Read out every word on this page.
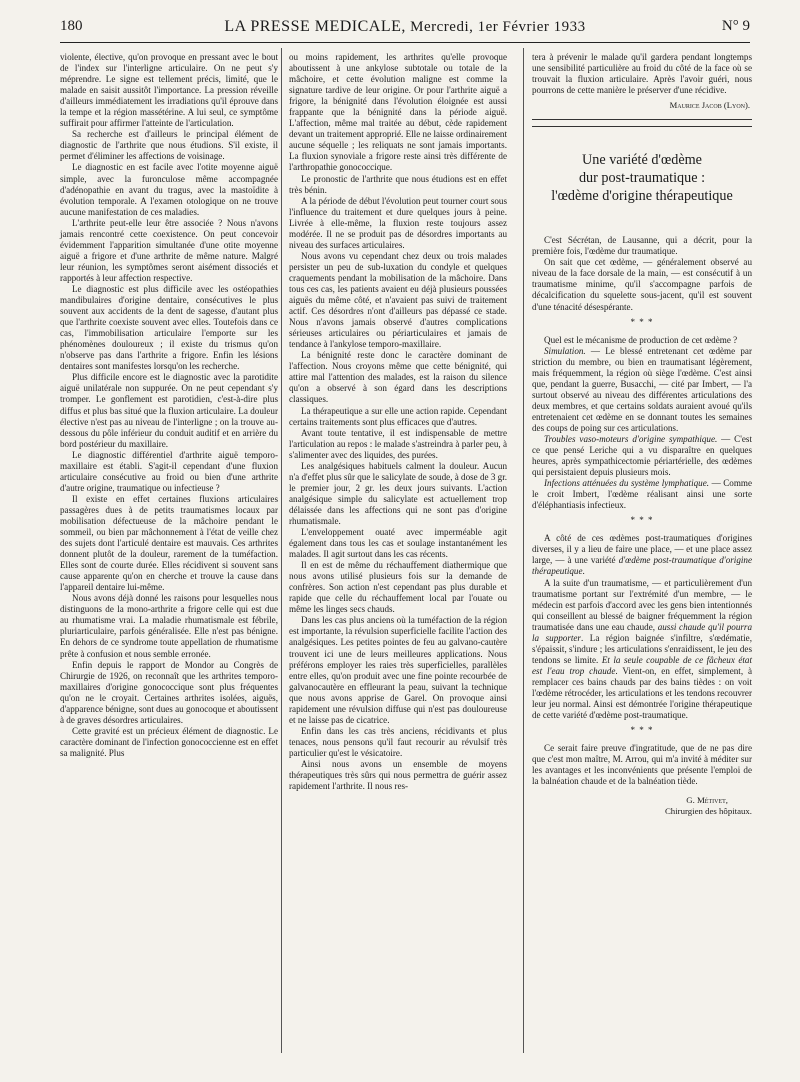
180	LA PRESSE MEDICALE, Mercredi, 1er Février 1933	N° 9

violente, élective, qu'on provoque en pressant avec le bout de l'index sur l'interligne articulaire. On ne peut s'y méprendre. Le signe est tellement précis, limité, que le malade en saisit aussitôt l'importance. La pression réveille d'ailleurs immédiatement les irradiations qu'il éprouve dans la tempe et la région massétérine. A lui seul, ce symptôme suffirait pour affirmer l'atteinte de l'articulation.

Sa recherche est d'ailleurs le principal élément de diagnostic de l'arthrite que nous étudions. S'il existe, il permet d'éliminer les affections de voisinage.

Le diagnostic en est facile avec l'otite moyenne aiguë simple, avec la furonculose même accompagnée d'adénopathie en avant du tragus, avec la mastoïdite à évolution temporale. A l'examen otologique on ne trouve aucune manifestation de ces maladies.

L'arthrite peut-elle leur être associée ? Nous n'avons jamais rencontré cette coexistence. On peut concevoir évidemment l'apparition simultanée d'une otite moyenne aiguë a frigore et d'une arthrite de même nature. Malgré leur réunion, les symptômes seront aisément dissociés et rapportés à leur affection respective.

Le diagnostic est plus difficile avec les ostéopathies mandibulaires d'origine dentaire, consécutives le plus souvent aux accidents de la dent de sagesse, d'autant plus que l'arthrite coexiste souvent avec elles. Toutefois dans ce cas, l'immobilisation articulaire l'emporte sur les phénomènes douloureux ; il existe du trismus qu'on n'observe pas dans l'arthrite a frigore. Enfin les lésions dentaires sont manifestes lorsqu'on les recherche.

Plus difficile encore est le diagnostic avec la parotidite aiguë unilatérale non suppurée. On ne peut cependant s'y tromper. Le gonflement est parotidien, c'est-à-dire plus diffus et plus bas situé que la fluxion articulaire. La douleur élective n'est pas au niveau de l'interligne ; on la trouve au-dessous du pôle inférieur du conduit auditif et en arrière du bord postérieur du maxillaire.

Le diagnostic différentiel d'arthrite aiguë temporo-maxillaire est établi. S'agit-il cependant d'une fluxion articulaire consécutive au froid ou bien d'une arthrite d'autre origine, traumatique ou infectieuse ?

Il existe en effet certaines fluxions articulaires passagères dues à de petits traumatismes locaux par mobilisation défectueuse de la mâchoire pendant le sommeil, ou bien par mâchonnement à l'état de veille chez des sujets dont l'articulé dentaire est mauvais. Ces arthrites donnent plutôt de la douleur, rarement de la tuméfaction. Elles sont de courte durée. Elles récidivent si souvent sans cause apparente qu'on en cherche et trouve la cause dans l'appareil dentaire lui-même.

Nous avons déjà donné les raisons pour lesquelles nous distinguons de la mono-arthrite a frigore celle qui est due au rhumatisme vrai. La maladie rhumatismale est fébrile, pluriarticulaire, parfois généralisée. Elle n'est pas bénigne. En dehors de ce syndrome toute appellation de rhumatisme prête à confusion et nous semble erronée.

Enfin depuis le rapport de Mondor au Congrès de Chirurgie de 1926, on reconnaît que les arthrites temporo-maxillaires d'origine gonococcique sont plus fréquentes qu'on ne le croyait. Certaines arthrites isolées, aiguës, d'apparence bénigne, sont dues au gonocoque et aboutissent à de graves désordres articulaires.

Cette gravité est un précieux élément de diagnostic. Le caractère dominant de l'infection gonococcienne est en effet sa malignité. Plus

ou moins rapidement, les arthrites qu'elle provoque aboutissent à une ankylose subtotale ou totale de la mâchoire, et cette évolution maligne est comme la signature tardive de leur origine. Or pour l'arthrite aiguë a frigore, la bénignité dans l'évolution éloignée est aussi frappante que la bénignité dans la période aiguë. L'affection, même mal traitée au début, cède rapidement devant un traitement approprié. Elle ne laisse ordinairement aucune séquelle ; les reliquats ne sont jamais importants. La fluxion synoviale a frigore reste ainsi très différente de l'arthropathie gonococcique.

Le pronostic de l'arthrite que nous étudions est en effet très bénin.

A la période de début l'évolution peut tourner court sous l'influence du traitement et dure quelques jours à peine. Livrée à elle-même, la fluxion reste toujours assez modérée. Il ne se produit pas de désordres importants au niveau des surfaces articulaires.

Nous avons vu cependant chez deux ou trois malades persister un peu de sub-luxation du condyle et quelques craquements pendant la mobilisation de la mâchoire. Dans tous ces cas, les patients avaient eu déjà plusieurs poussées aiguës du même côté, et n'avaient pas suivi de traitement actif. Ces désordres n'ont d'ailleurs pas dépassé ce stade. Nous n'avons jamais observé d'autres complications sérieuses articulaires ou périarticulaires et jamais de tendance à l'ankylose temporo-maxillaire.

La bénignité reste donc le caractère dominant de l'affection. Nous croyons même que cette bénignité, qui attire mal l'attention des malades, est la raison du silence qu'on a observé à son égard dans les descriptions classiques.

La thérapeutique a sur elle une action rapide. Cependant certains traitements sont plus efficaces que d'autres.

Avant toute tentative, il est indispensable de mettre l'articulation au repos : le malade s'astreindra à parler peu, à s'alimenter avec des liquides, des purées.

Les analgésiques habituels calment la douleur. Aucun n'a d'effet plus sûr que le salicylate de soude, à dose de 3 gr. le premier jour, 2 gr. les deux jours suivants. L'action analgésique simple du salicylate est actuellement trop délaissée dans les affections qui ne sont pas d'origine rhumatismale.

L'enveloppement ouaté avec imperméable agit également dans tous les cas et soulage instantanément les malades. Il agit surtout dans les cas récents.

Il en est de même du réchauffement diathermique que nous avons utilisé plusieurs fois sur la demande de confrères. Son action n'est cependant pas plus durable et rapide que celle du réchauffement local par l'ouate ou même les linges secs chauds.

Dans les cas plus anciens où la tuméfaction de la région est importante, la révulsion superficielle facilite l'action des analgésiques. Les petites pointes de feu au galvano-cautère trouvent ici une de leurs meilleures applications. Nous préférons employer les raies très superficielles, parallèles entre elles, qu'on produit avec une fine pointe recourbée de galvanocautère en effleurant la peau, suivant la technique que nous avons apprise de Garel. On provoque ainsi rapidement une révulsion diffuse qui n'est pas douloureuse et ne laisse pas de cicatrice.

Enfin dans les cas très anciens, récidivants et plus tenaces, nous pensons qu'il faut recourir au révulsif très particulier qu'est le vésicatoire.

Ainsi nous avons un ensemble de moyens thérapeutiques très sûrs qui nous permettra de guérir assez rapidement l'arthrite. Il nous res-

tera à prévenir le malade qu'il gardera pendant longtemps une sensibilité particulière au froid du côté de la face où se trouvait la fluxion articulaire. Après l'avoir guéri, nous pourrons de cette manière le préserver d'une récidive.

Maurice Jacob (Lyon).
Une variété d'œdème
dur post-traumatique :
l'œdème d'origine thérapeutique

C'est Sécrétan, de Lausanne, qui a décrit, pour la première fois, l'œdème dur traumatique.

On sait que cet œdème, — généralement observé au niveau de la face dorsale de la main, — est consécutif à un traumatisme minime, qu'il s'accompagne parfois de décalcification du squelette sous-jacent, qu'il est souvent d'une ténacité désespérante.

* * *

Quel est le mécanisme de production de cet œdème ?

Simulation. — Le blessé entretenant cet œdème par striction du membre, ou bien en traumatisant légèrement, mais fréquemment, la région où siège l'œdème. C'est ainsi que, pendant la guerre, Busacchi, — cité par Imbert, — l'a surtout observé au niveau des différentes articulations des deux membres, et que certains soldats auraient avoué qu'ils entretenaient cet œdème en se donnant toutes les semaines des coups de poing sur ces articulations.

Troubles vaso-moteurs d'origine sympathique. — C'est ce que pensé Leriche qui a vu disparaître en quelques heures, après sympathicectomie périartérielle, des œdèmes qui persistaient depuis plusieurs mois.

Infections atténuées du système lymphatique. — Comme le croit Imbert, l'œdème réalisant ainsi une sorte d'éléphantiasis infectieux.

* * *

A côté de ces œdèmes post-traumatiques d'origines diverses, il y a lieu de faire une place, — et une place assez large, — à une variété d'œdème post-traumatique d'origine thérapeutique.

A la suite d'un traumatisme, — et particulièrement d'un traumatisme portant sur l'extrémité d'un membre, — le médecin est parfois d'accord avec les gens bien intentionnés qui conseillent au blessé de baigner fréquemment la région traumatisée dans une eau chaude, aussi chaude qu'il pourra la supporter. La région baignée s'infiltre, s'œdématie, s'épaissit, s'indure ; les articulations s'enraidissent, le jeu des tendons se limite. Et la seule coupable de ce fâcheux état est l'eau trop chaude. Vient-on, en effet, simplement, à remplacer ces bains chauds par des bains tièdes : on voit l'œdème rétrocéder, les articulations et les tendons recouvrer leur jeu normal. Ainsi est démontrée l'origine thérapeutique de cette variété d'œdème post-traumatique.

* * *

Ce serait faire preuve d'ingratitude, que de ne pas dire que c'est mon maître, M. Arrou, qui m'a invité à méditer sur les avantages et les inconvénients que présente l'emploi de la balnéation chaude et de la balnéation tiède.

G. Métivet,
Chirurgien des hôpitaux.
